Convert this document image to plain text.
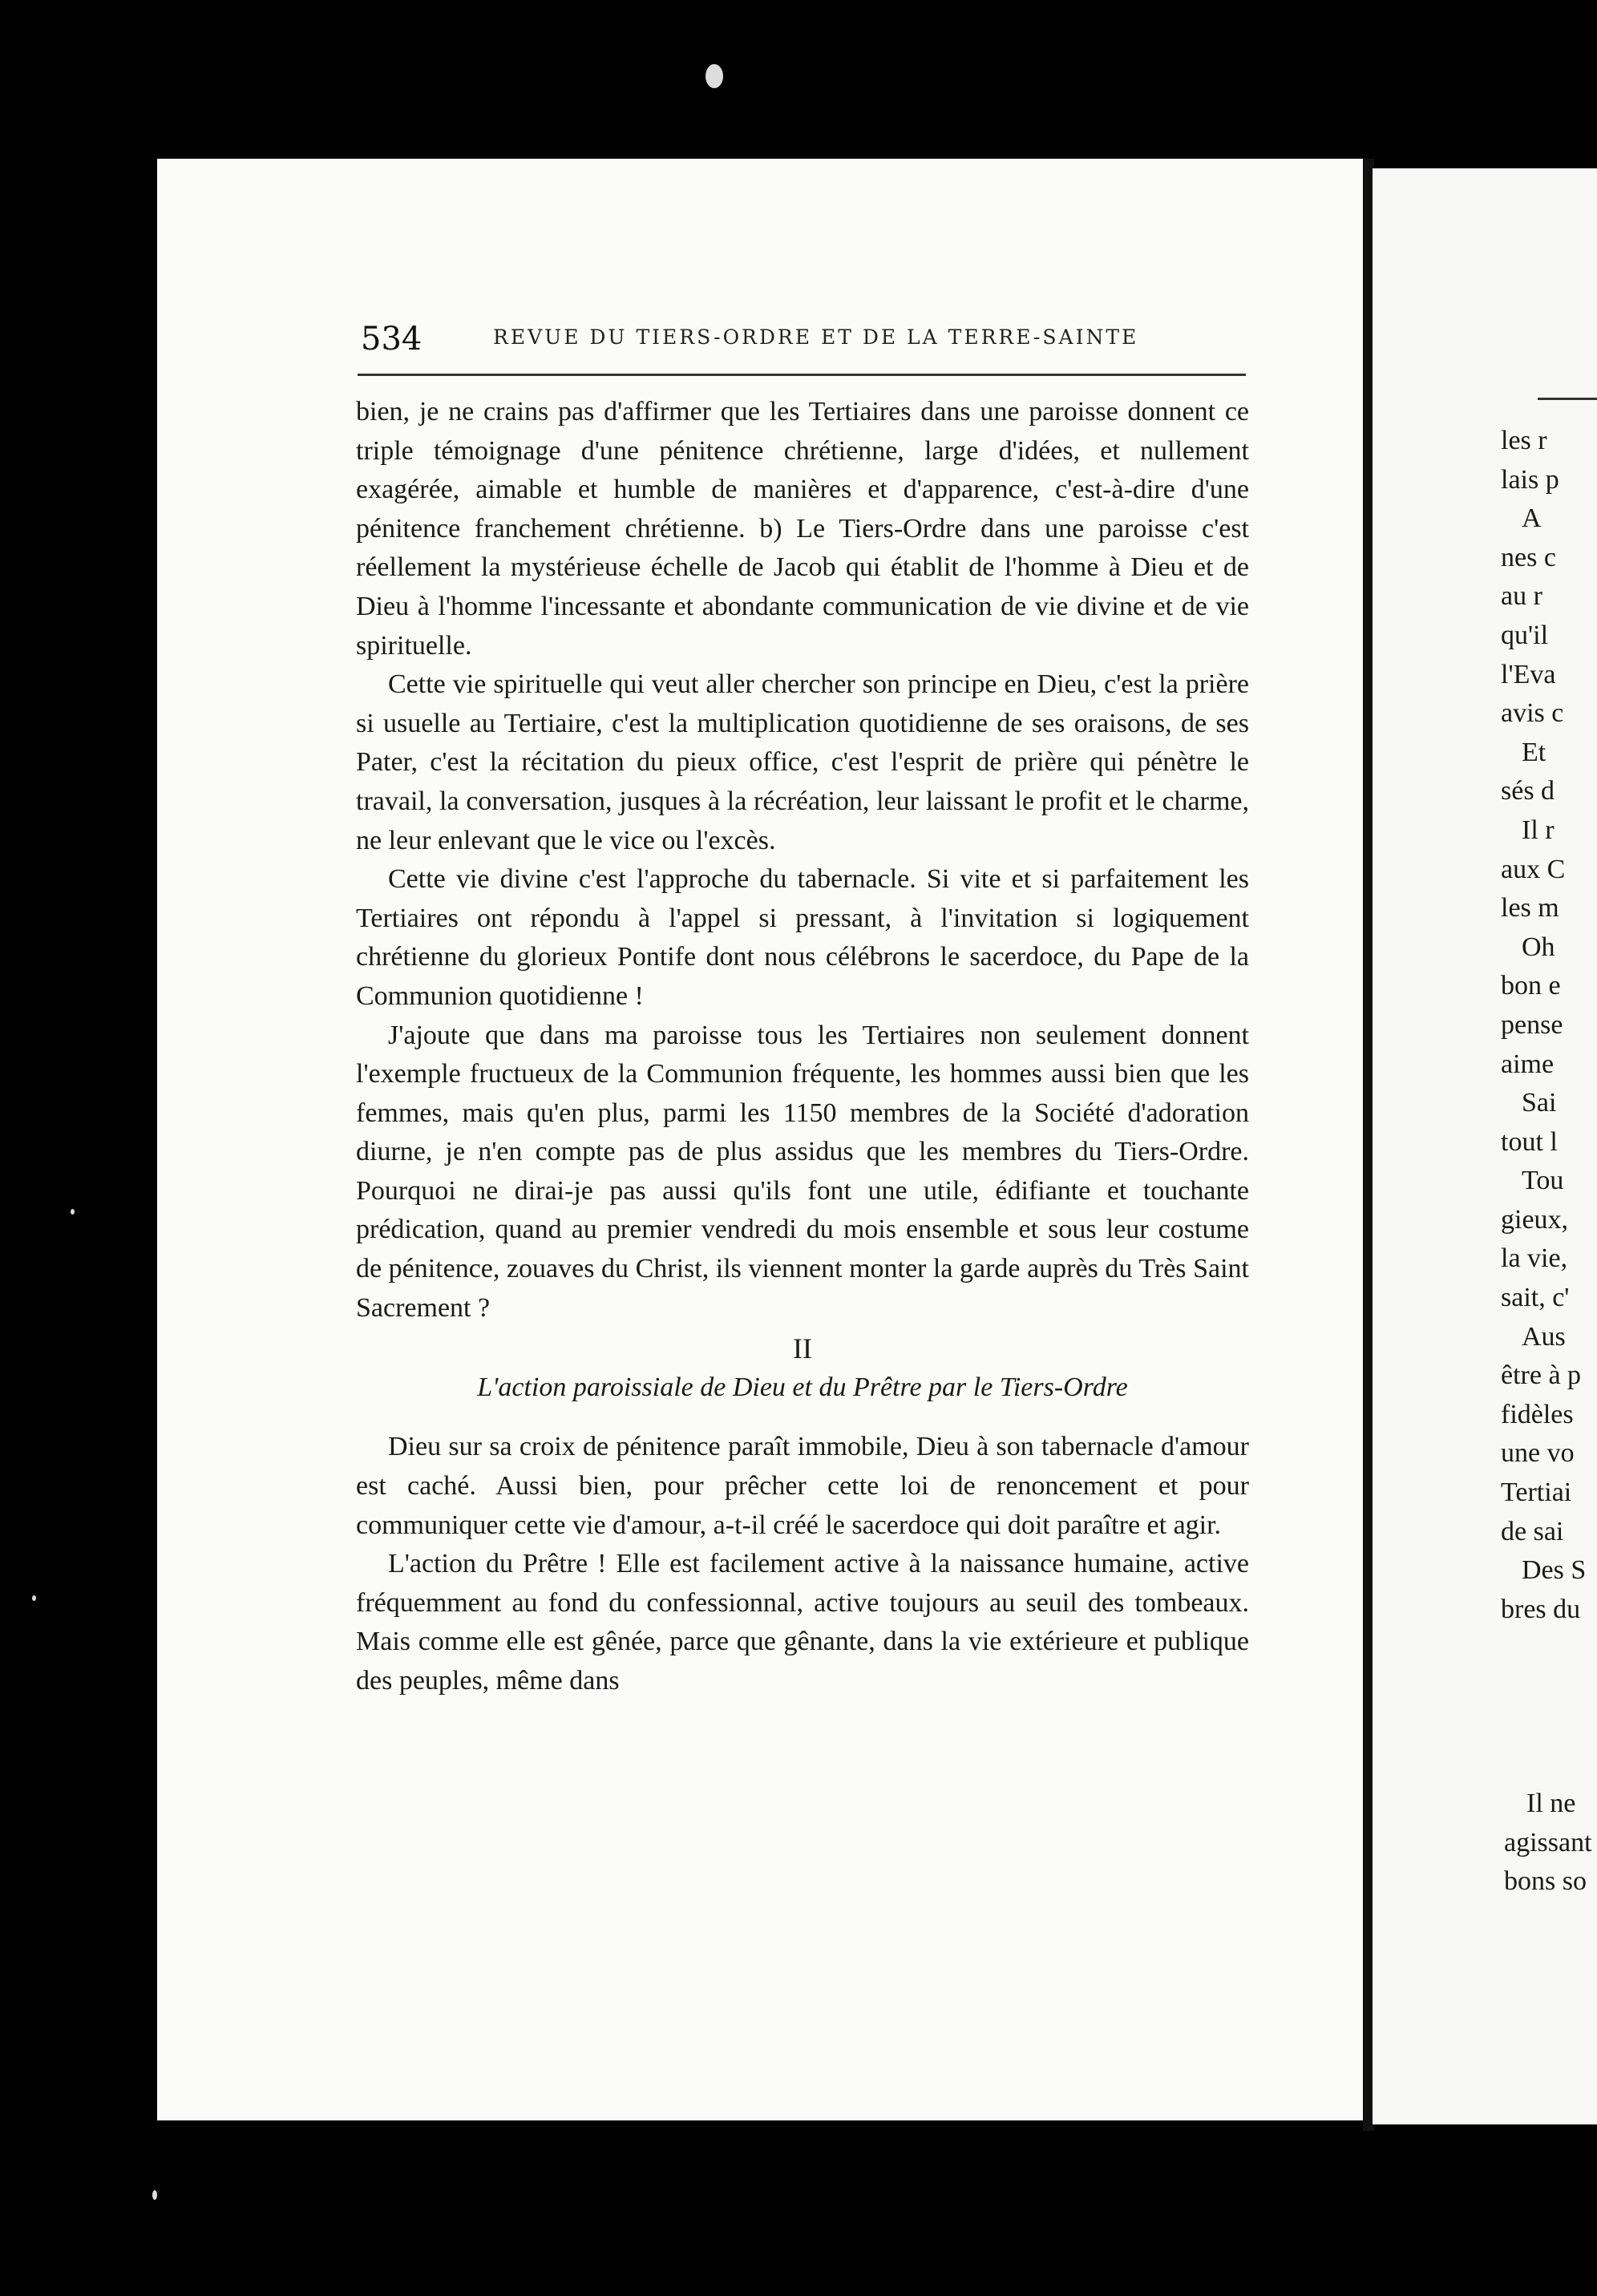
534	REVUE DU TIERS-ORDRE ET DE LA TERRE-SAINTE

bien, je ne crains pas d'affirmer que les Tertiaires dans une paroisse donnent ce triple témoignage d'une pénitence chrétienne, large d'idées, et nullement exagérée, aimable et humble de manières et d'apparence, c'est-à-dire d'une pénitence franchement chrétienne. b) Le Tiers-Ordre dans une paroisse c'est réellement la mystérieuse échelle de Jacob qui établit de l'homme à Dieu et de Dieu à l'homme l'incessante et abondante communication de vie divine et de vie spirituelle.

Cette vie spirituelle qui veut aller chercher son principe en Dieu, c'est la prière si usuelle au Tertiaire, c'est la multiplication quotidienne de ses oraisons, de ses Pater, c'est la récitation du pieux office, c'est l'esprit de prière qui pénètre le travail, la conversation, jusques à la récréation, leur laissant le profit et le charme, ne leur enlevant que le vice ou l'excès.

Cette vie divine c'est l'approche du tabernacle. Si vite et si parfaitement les Tertiaires ont répondu à l'appel si pressant, à l'invitation si logiquement chrétienne du glorieux Pontife dont nous célébrons le sacerdoce, du Pape de la Communion quotidienne !

J'ajoute que dans ma paroisse tous les Tertiaires non seulement donnent l'exemple fructueux de la Communion fréquente, les hommes aussi bien que les femmes, mais qu'en plus, parmi les 1150 membres de la Société d'adoration diurne, je n'en compte pas de plus assidus que les membres du Tiers-Ordre. Pourquoi ne dirai-je pas aussi qu'ils font une utile, édifiante et touchante prédication, quand au premier vendredi du mois ensemble et sous leur costume de pénitence, zouaves du Christ, ils viennent monter la garde auprès du Très Saint Sacrement ?

II

L'action paroissiale de Dieu et du Prêtre par le Tiers-Ordre

Dieu sur sa croix de pénitence paraît immobile, Dieu à son tabernacle d'amour est caché. Aussi bien, pour prêcher cette loi de renoncement et pour communiquer cette vie d'amour, a-t-il créé le sacerdoce qui doit paraître et agir.

L'action du Prêtre ! Elle est facilement active à la naissance humaine, active fréquemment au fond du confessionnal, active toujours au seuil des tombeaux. Mais comme elle est gênée, parce que gênante, dans la vie extérieure et publique des peuples, même dans

les r
lais p
A
nes c
au r
qu'il
l'Eva
avis c
Et
sés d
Il r
aux C
les m
Oh
bon e
pense
aime
Sai
tout l
Tou
gieux,
la vie,
sait, c'
Aus
être à p
fidèles
une vo
Tertiai
de sai
Des S
bres du
Il ne
agissant
bons so
